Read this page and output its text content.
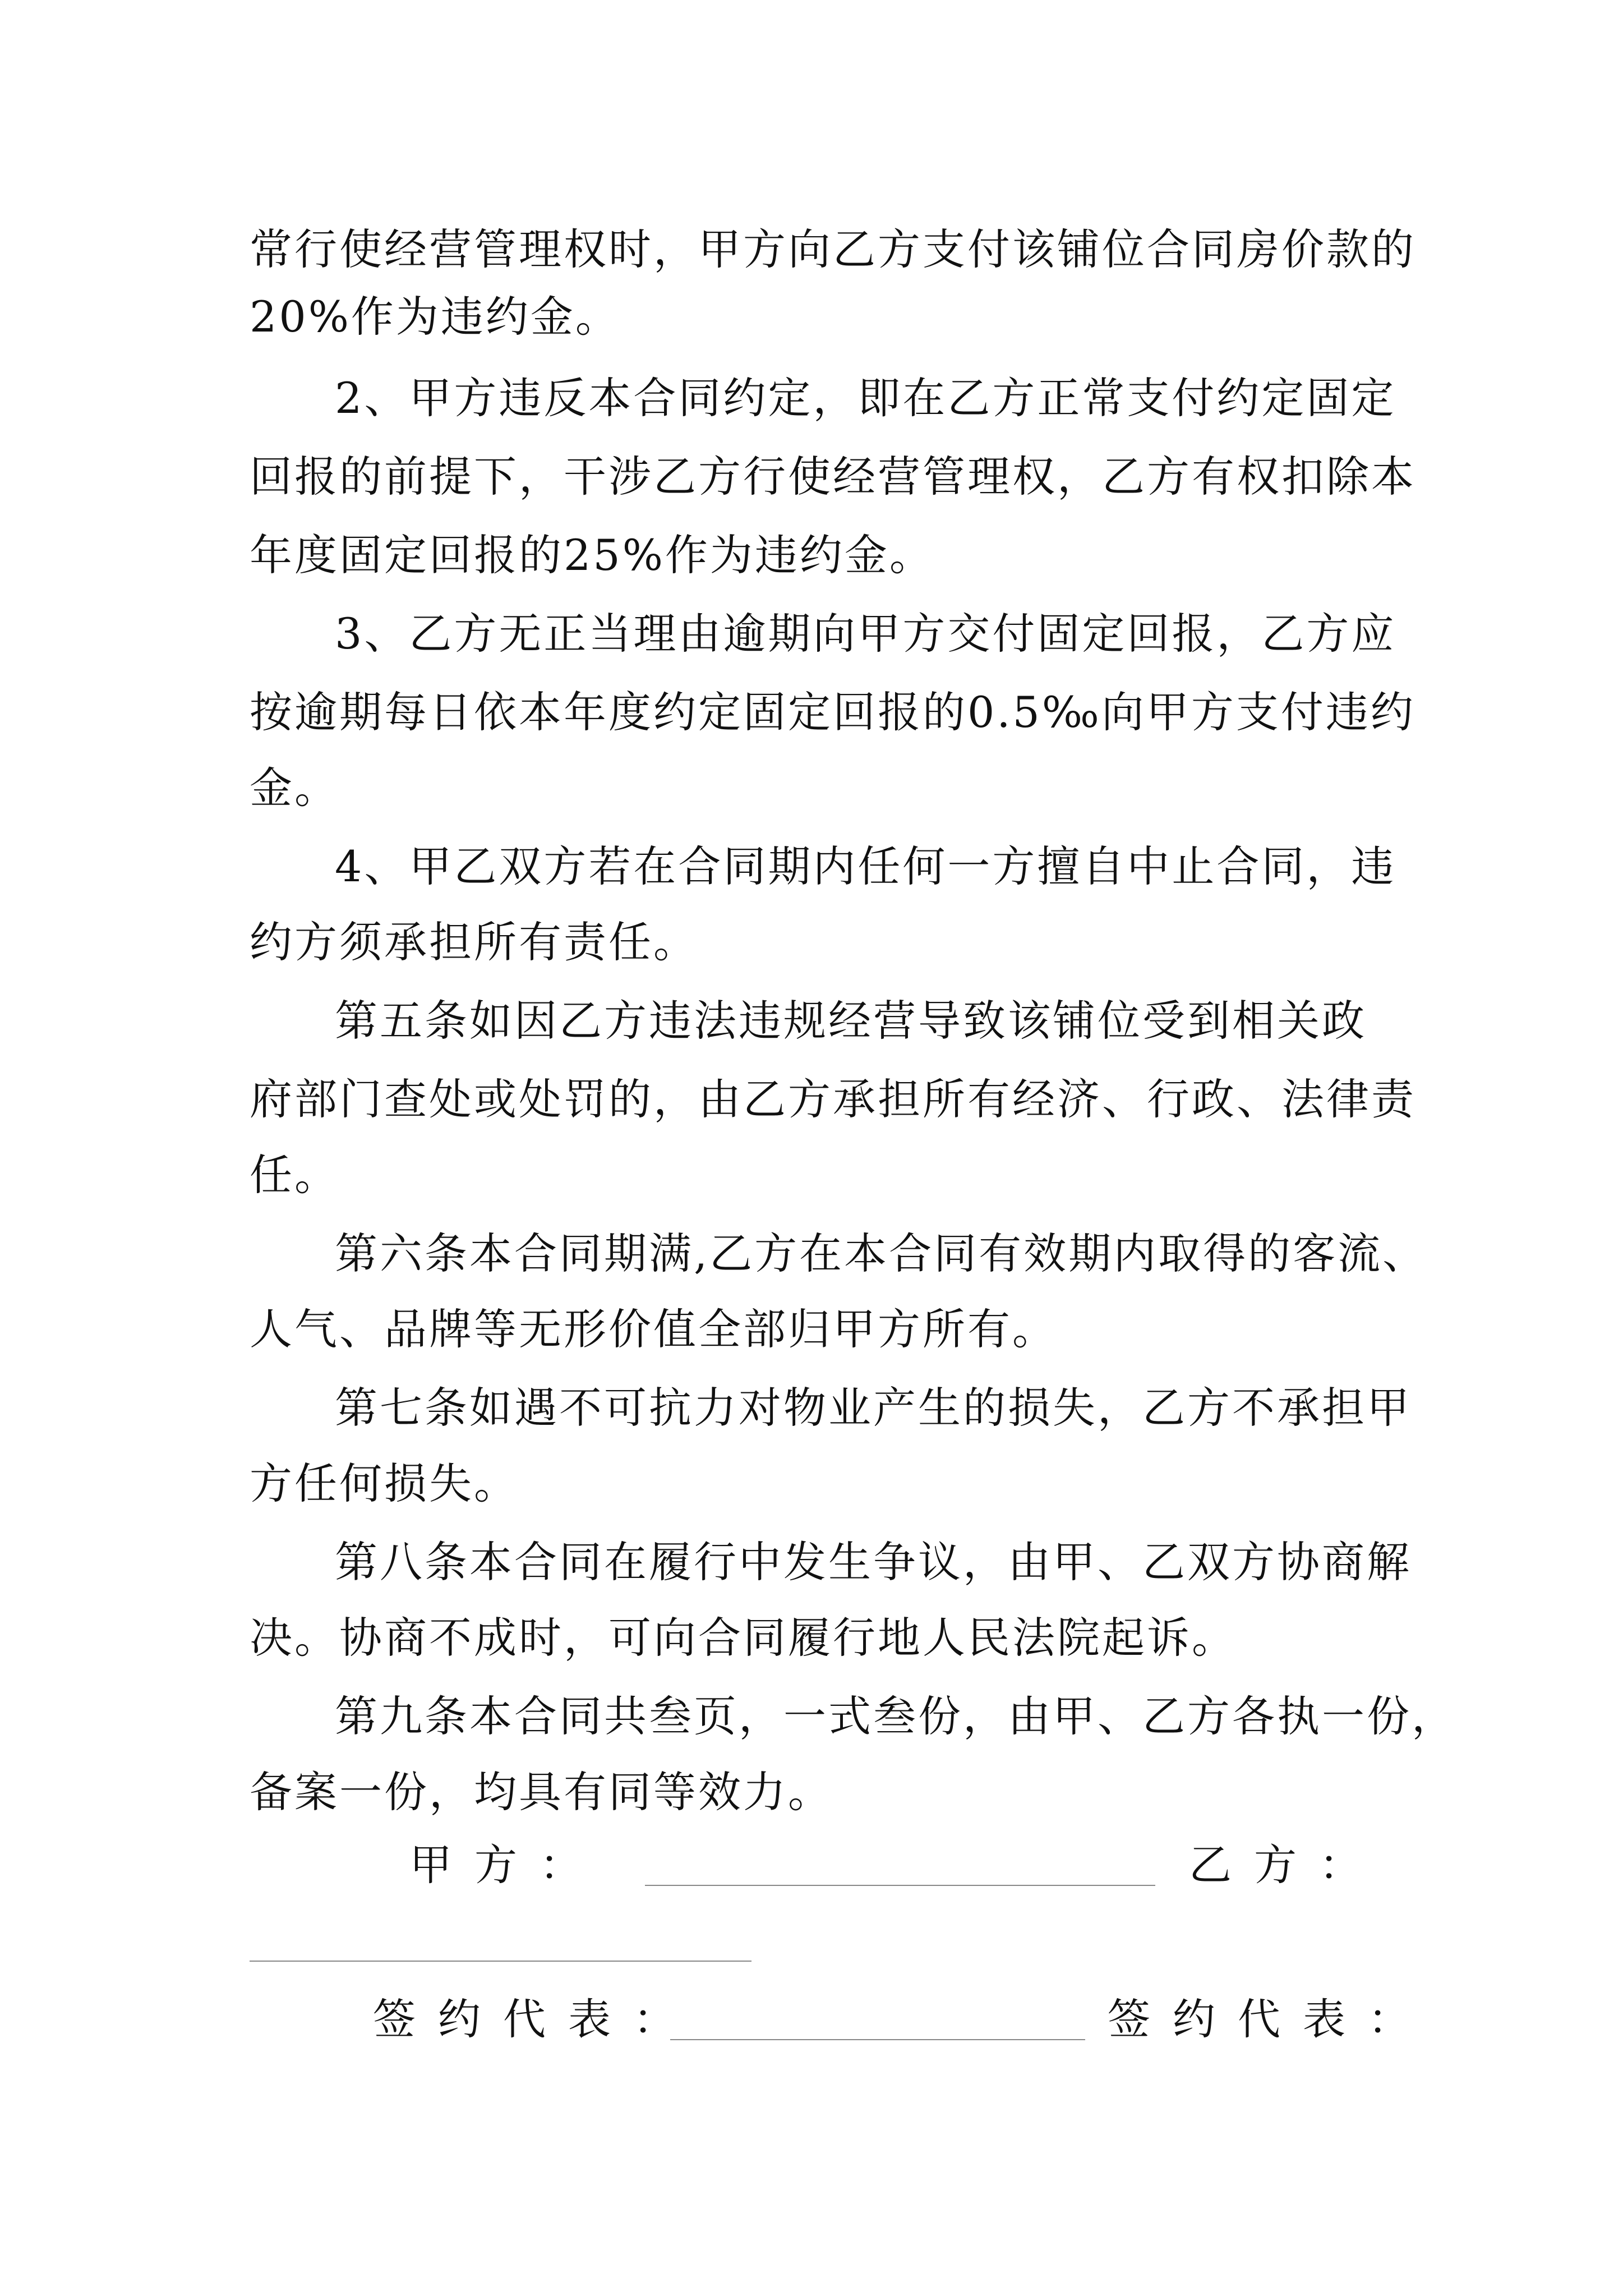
常行使经营管理权时，甲方向乙方支付该铺位合同房价款的
20%作为违约金。
2、甲方违反本合同约定，即在乙方正常支付约定固定
回报的前提下，干涉乙方行使经营管理权，乙方有权扣除本
年度固定回报的25%作为违约金。
3、乙方无正当理由逾期向甲方交付固定回报，乙方应
按逾期每日依本年度约定固定回报的0.5‰向甲方支付违约
金。
4、甲乙双方若在合同期内任何一方擅自中止合同，违
约方须承担所有责任。
第五条如因乙方违法违规经营导致该铺位受到相关政
府部门查处或处罚的，由乙方承担所有经济、行政、法律责
任。
第六条本合同期满,乙方在本合同有效期内取得的客流、
人气、品牌等无形价值全部归甲方所有。
第七条如遇不可抗力对物业产生的损失，乙方不承担甲
方任何损失。
第八条本合同在履行中发生争议，由甲、乙双方协商解
决。协商不成时，可向合同履行地人民法院起诉。
第九条本合同共叁页，一式叁份，由甲、乙方各执一份，
备案一份，均具有同等效力。
甲方：	乙方：
签约代表：	签约代表：
